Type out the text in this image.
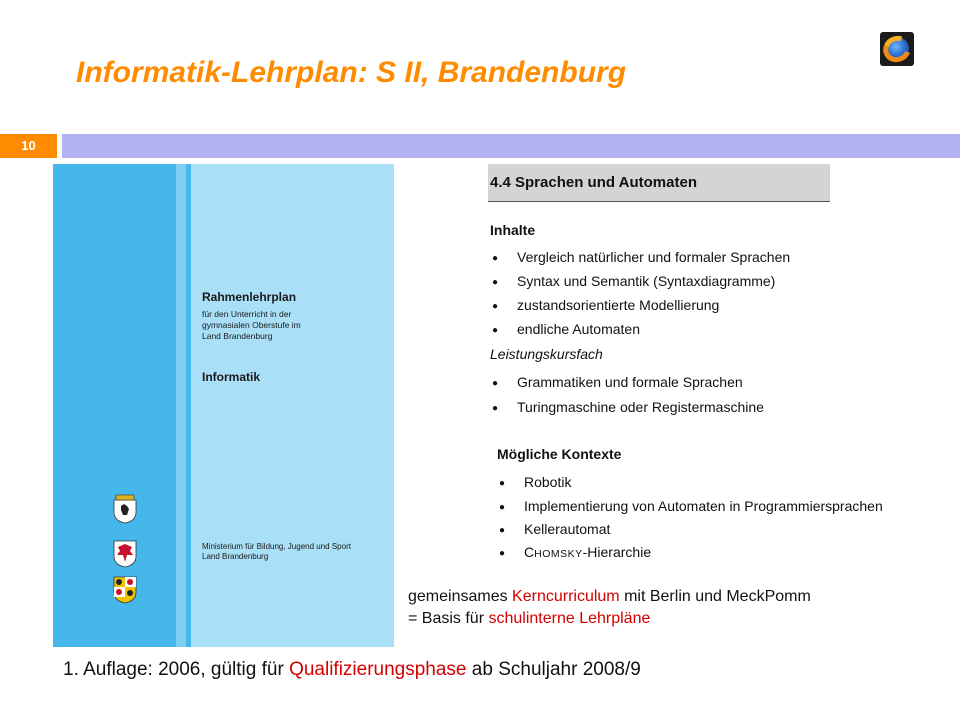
Informatik-Lehrplan: S II, Brandenburg
10
Rahmenlehrplan
für den Unterricht in der
gymnasialen Oberstufe im
Land Brandenburg
Informatik
Ministerium für Bildung, Jugend und Sport
Land Brandenburg
4.4 Sprachen und Automaten
Inhalte
● Vergleich natürlicher und formaler Sprachen
● Syntax und Semantik (Syntaxdiagramme)
● zustandsorientierte Modellierung
● endliche Automaten
Leistungskursfach
● Grammatiken und formale Sprachen
● Turingmaschine oder Registermaschine
Mögliche Kontexte
● Robotik
● Implementierung von Automaten in Programmiersprachen
● Kellerautomat
● CHOMSKY-Hierarchie
gemeinsames Kerncurriculum mit Berlin und MeckPomm
= Basis für schulinterne Lehrpläne
1. Auflage: 2006, gültig für Qualifizierungsphase ab Schuljahr 2008/9
